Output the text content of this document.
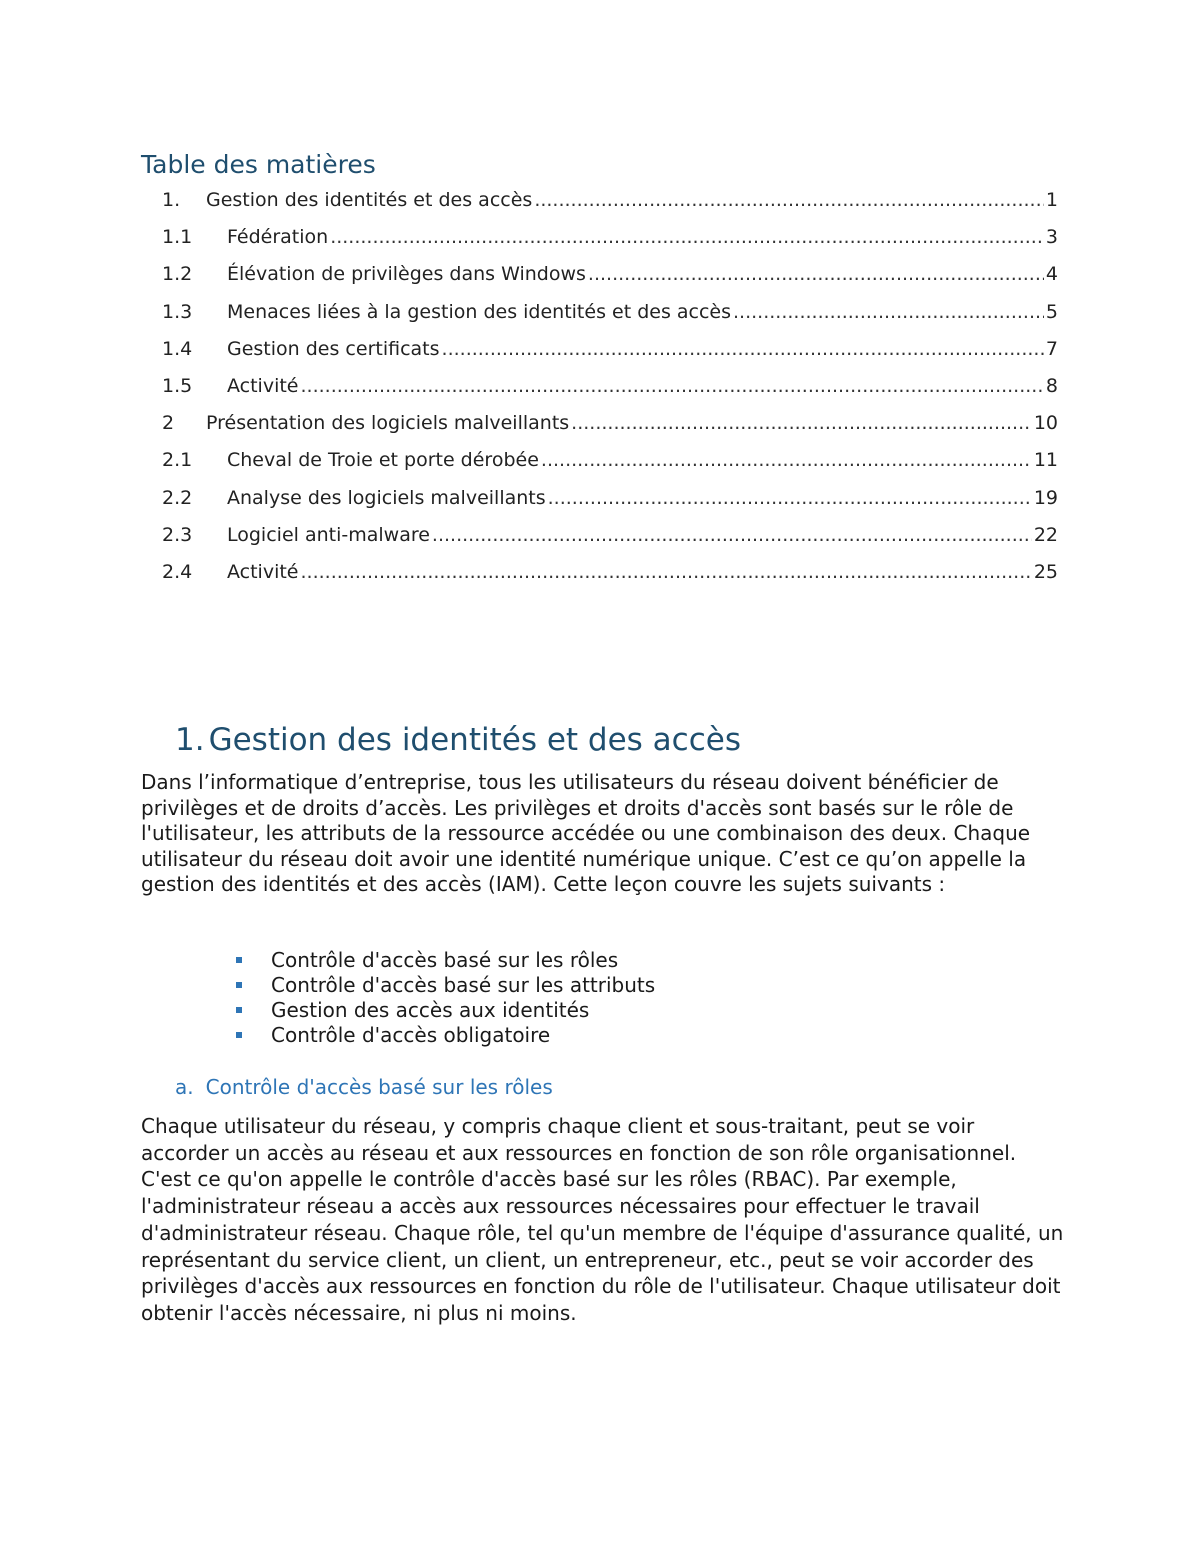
Table des matières
1. Gestion des identités et des accès .....	1
1.1 Fédération .....	3
1.2 Élévation de privilèges dans Windows .....	4
1.3 Menaces liées à la gestion des identités et des accès .....	5
1.4 Gestion des certificats .....	7
1.5 Activité .....	8
2 Présentation des logiciels malveillants .....	10
2.1 Cheval de Troie et porte dérobée .....	11
2.2 Analyse des logiciels malveillants .....	19
2.3 Logiciel anti-malware .....	22
2.4 Activité .....	25
1. Gestion des identités et des accès

Dans l’informatique d’entreprise, tous les utilisateurs du réseau doivent bénéficier de privilèges et de droits d’accès. Les privilèges et droits d'accès sont basés sur le rôle de l'utilisateur, les attributs de la ressource accédée ou une combinaison des deux. Chaque utilisateur du réseau doit avoir une identité numérique unique. C’est ce qu’on appelle la gestion des identités et des accès (IAM). Cette leçon couvre les sujets suivants :

Contrôle d'accès basé sur les rôles
Contrôle d'accès basé sur les attributs
Gestion des accès aux identités
Contrôle d'accès obligatoire
a. Contrôle d'accès basé sur les rôles

Chaque utilisateur du réseau, y compris chaque client et sous-traitant, peut se voir accorder un accès au réseau et aux ressources en fonction de son rôle organisationnel. C'est ce qu'on appelle le contrôle d'accès basé sur les rôles (RBAC). Par exemple, l'administrateur réseau a accès aux ressources nécessaires pour effectuer le travail d'administrateur réseau. Chaque rôle, tel qu'un membre de l'équipe d'assurance qualité, un représentant du service client, un client, un entrepreneur, etc., peut se voir accorder des privilèges d'accès aux ressources en fonction du rôle de l'utilisateur. Chaque utilisateur doit obtenir l'accès nécessaire, ni plus ni moins.
